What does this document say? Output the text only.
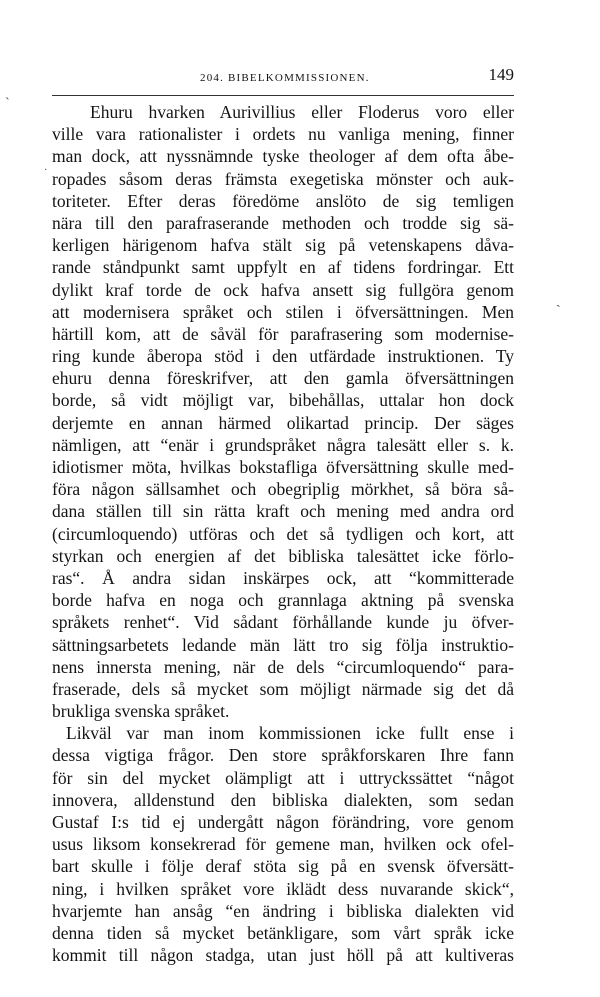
204. BIBELKOMMISSIONEN.	149
ˋ
·
ˎ
Ehuru hvarken Aurivillius eller Floderus voro eller
ville vara rationalister i ordets nu vanliga mening, finner
man dock, att nyssnämnde tyske theologer af dem ofta åbe-
ropades såsom deras främsta exegetiska mönster och auk-
toriteter. Efter deras föredöme anslöto de sig temligen
nära till den parafraserande methoden och trodde sig sä-
kerligen härigenom hafva stält sig på vetenskapens dåva-
rande ståndpunkt samt uppfylt en af tidens fordringar. Ett
dylikt kraf torde de ock hafva ansett sig fullgöra genom
att modernisera språket och stilen i öfversättningen. Men
härtill kom, att de såväl för parafrasering som modernise-
ring kunde åberopa stöd i den utfärdade instruktionen. Ty
ehuru denna föreskrifver, att den gamla öfversättningen
borde, så vidt möjligt var, bibehållas, uttalar hon dock
derjemte en annan härmed olikartad princip. Der säges
nämligen, att “enär i grundspråket några talesätt eller s. k.
idiotismer möta, hvilkas bokstafliga öfversättning skulle med-
föra någon sällsamhet och obegriplig mörkhet, så böra så-
dana ställen till sin rätta kraft och mening med andra ord
(circumloquendo) utföras och det så tydligen och kort, att
styrkan och energien af det bibliska talesättet icke förlo-
ras“. Å andra sidan inskärpes ock, att “kommitterade
borde hafva en noga och grannlaga aktning på svenska
språkets renhet“. Vid sådant förhållande kunde ju öfver-
sättningsarbetets ledande män lätt tro sig följa instruktio-
nens innersta mening, när de dels “circumloquendo“ para-
fraserade, dels så mycket som möjligt närmade sig det då
brukliga svenska språket.
Likväl var man inom kommissionen icke fullt ense i
dessa vigtiga frågor. Den store språkforskaren Ihre fann
för sin del mycket olämpligt att i uttryckssättet “något
innovera, alldenstund den bibliska dialekten, som sedan
Gustaf I:s tid ej undergått någon förändring, vore genom
usus liksom konsekrerad för gemene man, hvilken ock ofel-
bart skulle i följe deraf stöta sig på en svensk öfversätt-
ning, i hvilken språket vore iklädt dess nuvarande skick“,
hvarjemte han ansåg “en ändring i bibliska dialekten vid
denna tiden så mycket betänkligare, som vårt språk icke
kommit till någon stadga, utan just höll på att kultiveras
